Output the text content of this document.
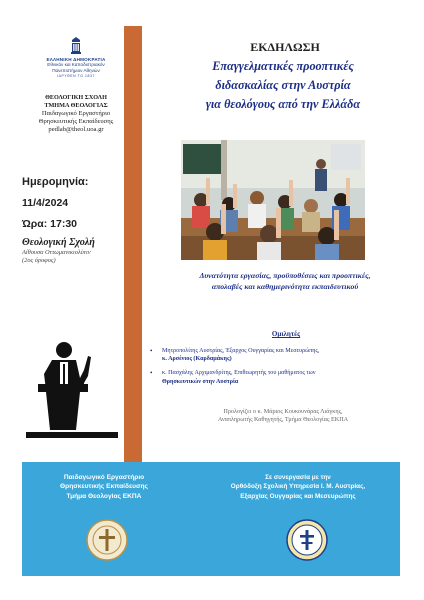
ΕΛΛΗΝΙΚΗ ΔΗΜΟΚΡΑΤΙΑ
Εθνικόν και Καποδιστριακόν
Πανεπιστήμιον Αθηνών
ΙΔΡΥΘΕΝ ΤΟ 1837
ΘΕΟΛΟΓΙΚΗ ΣΧΟΛΗ
ΤΜΗΜΑ ΘΕΟΛΟΓΙΑΣ
Παιδαγωγικό Εργαστήριο
Θρησκευτικής Εκπαίδευσης
pedlab@theol.uoa.gr
ΕΚΔΗΛΩΣΗ
Επαγγελματικές προοπτικές
διδασκαλίας στην Αυστρία
για θεολόγους από την Ελλάδα
Ημερομηνία:
11/4/2024
Ώρα: 17:30
Θεολογική Σχολή
Αίθουσα Οττωμανικιολύτιν
(2ος όροφος)
Δυνατότητα εργασίας, προϋποθέσεις και προοπτικές,
απολαβές και καθημερινότητα εκπαιδευτικού
Ομιλητές
•	Μητροπολίτης Αυστρίας, Έξαρχος Ουγγαρίας και Μεσευρώπης,
κ. Αρσένιος (Καρδαμάκης)
•	κ. Πασχάλης Αρχιμανδρίτης, Επιθεωρητής του μαθήματος των
Θρησκευτικών στην Αυστρία
Προλογίζει ο κ. Μάριος Κουκουνάρας Λιάγκης,
Αναπληρωτής Καθηγητής, Τμήμα Θεολογίας ΕΚΠΑ
Παιδαγωγικό Εργαστήριο
Θρησκευτικής Εκπαίδευσης
Τμήμα Θεολογίας ΕΚΠΑ
Σε συνεργασία με την
Ορθόδοξη Σχολική Υπηρεσία Ι. Μ. Αυστρίας,
Εξαρχίας Ουγγαρίας και Μεσευρώπης
